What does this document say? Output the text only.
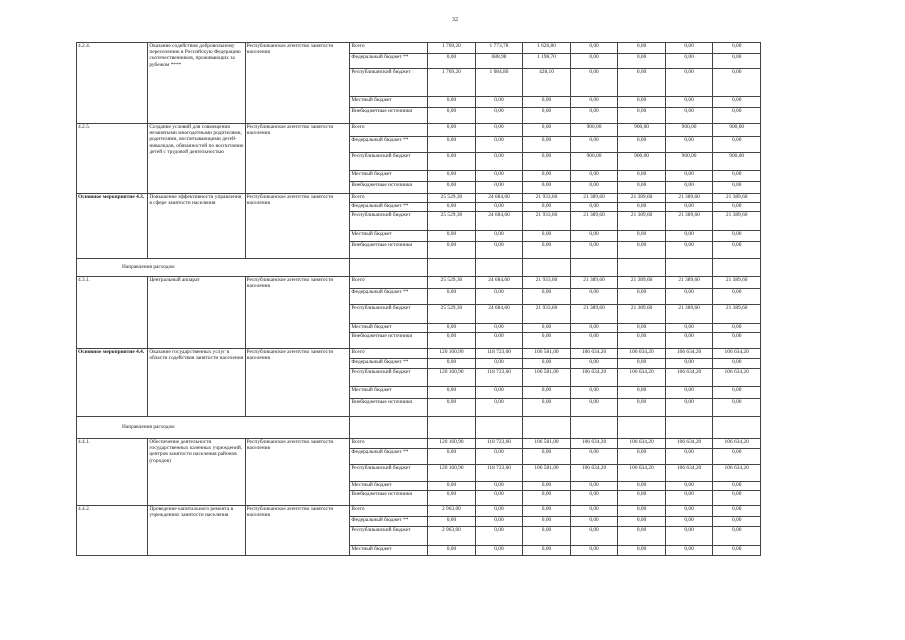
32
4.2.4.	Оказание содействия добровольному переселению в Российскую Федерацию соотечественников, проживающих за рубежом ****	Республиканское агентство занятости населения	Всего	1 769,20	1 773,78	1 626,80	0,00	0,00	0,00	0,00
			Федеральный бюджет **	0,00	688,98	1 198,70	0,00	0,00	0,00	0,00
			Республиканский бюджет	1 769,20	1 084,80	428,10	0,00	0,00	0,00	0,00
			Местный бюджет	0,00	0,00	0,00	0,00	0,00	0,00	0,00
			Внебюджетные источники	0,00	0,00	0,00	0,00	0,00	0,00	0,00
4.2.5.	Создание условий для совмещения незанятыми многодетными родителями, родителями, воспитывающими детей-инвалидов, обязанностей по воспитанию детей с трудовой деятельностью	Республиканское агентство занятости населения	Всего	0,00	0,00	0,00	900,00	900,00	900,00	900,00
			Федеральный бюджет **	0,00	0,00	0,00	0,00	0,00	0,00	0,00
			Республиканский бюджет	0,00	0,00	0,00	900,00	900,00	900,00	900,00
			Местный бюджет	0,00	0,00	0,00	0,00	0,00	0,00	0,00
			Внебюджетные источники	0,00	0,00	0,00	0,00	0,00	0,00	0,00
Основное мероприятие 4.3.	Повышение эффективности управления в сфере занятости населения	Республиканское агентство занятости населения	Всего	25 529,30	24 684,60	21 933,60	21 389,60	21 389,60	21 389,60	21 389,60
			Федеральный бюджет **	0,00	0,00	0,00	0,00	0,00	0,00	0,00
			Республиканский бюджет	25 529,30	24 684,60	21 933,60	21 389,60	21 389,60	21 389,60	21 389,60
			Местный бюджет	0,00	0,00	0,00	0,00	0,00	0,00	0,00
			Внебюджетные источники	0,00	0,00	0,00	0,00	0,00	0,00	0,00
Направления расходов:										
4.3.1.	Центральный аппарат	Республиканское агентство занятости населения	Всего	25 529,30	24 684,60	21 933,60	21 389,60	21 389,60	21 389,60	21 389,60
			Федеральный бюджет **	0,00	0,00	0,00	0,00	0,00	0,00	0,00
			Республиканский бюджет	25 529,30	24 684,60	21 933,60	21 389,60	21 389,60	21 389,60	21 389,60
			Местный бюджет	0,00	0,00	0,00	0,00	0,00	0,00	0,00
			Внебюджетные источники	0,00	0,00	0,00	0,00	0,00	0,00	0,00
Основное мероприятие 4.4.	Оказание государственных услуг в области содействия занятости населения	Республиканское агентство занятости населения	Всего	120 160,90	118 723,60	106 581,00	106 634,20	106 634,20	106 634,20	106 634,20
			Федеральный бюджет **	0,00	0,00	0,00	0,00	0,00	0,00	0,00
			Республиканский бюджет	120 160,90	118 723,60	106 581,00	106 634,20	106 634,20	106 634,20	106 634,20
			Местный бюджет	0,00	0,00	0,00	0,00	0,00	0,00	0,00
			Внебюджетные источники	0,00	0,00	0,00	0,00	0,00	0,00	0,00
Направления расходов:										
4.4.1.	Обеспечение деятельности государственных казенных учреждений, центров занятости населения районов (городов)	Республиканское агентство занятости населения	Всего	120 160,90	118 723,60	106 581,00	106 634,20	106 634,20	106 634,20	106 634,20
			Федеральный бюджет **	0,00	0,00	0,00	0,00	0,00	0,00	0,00
			Республиканский бюджет	120 160,90	118 723,60	106 581,00	106 634,20	106 634,20	106 634,20	106 634,20
			Местный бюджет	0,00	0,00	0,00	0,00	0,00	0,00	0,00
			Внебюджетные источники	0,00	0,00	0,00	0,00	0,00	0,00	0,00
4.4.2.	Проведение капитального ремонта в учреждениях занятости населения	Республиканское агентство занятости населения	Всего	2 963,00	0,00	0,00	0,00	0,00	0,00	0,00
			Федеральный бюджет **	0,00	0,00	0,00	0,00	0,00	0,00	0,00
			Республиканский бюджет	2 963,00	0,00	0,00	0,00	0,00	0,00	0,00
			Местный бюджет	0,00	0,00	0,00	0,00	0,00	0,00	0,00
